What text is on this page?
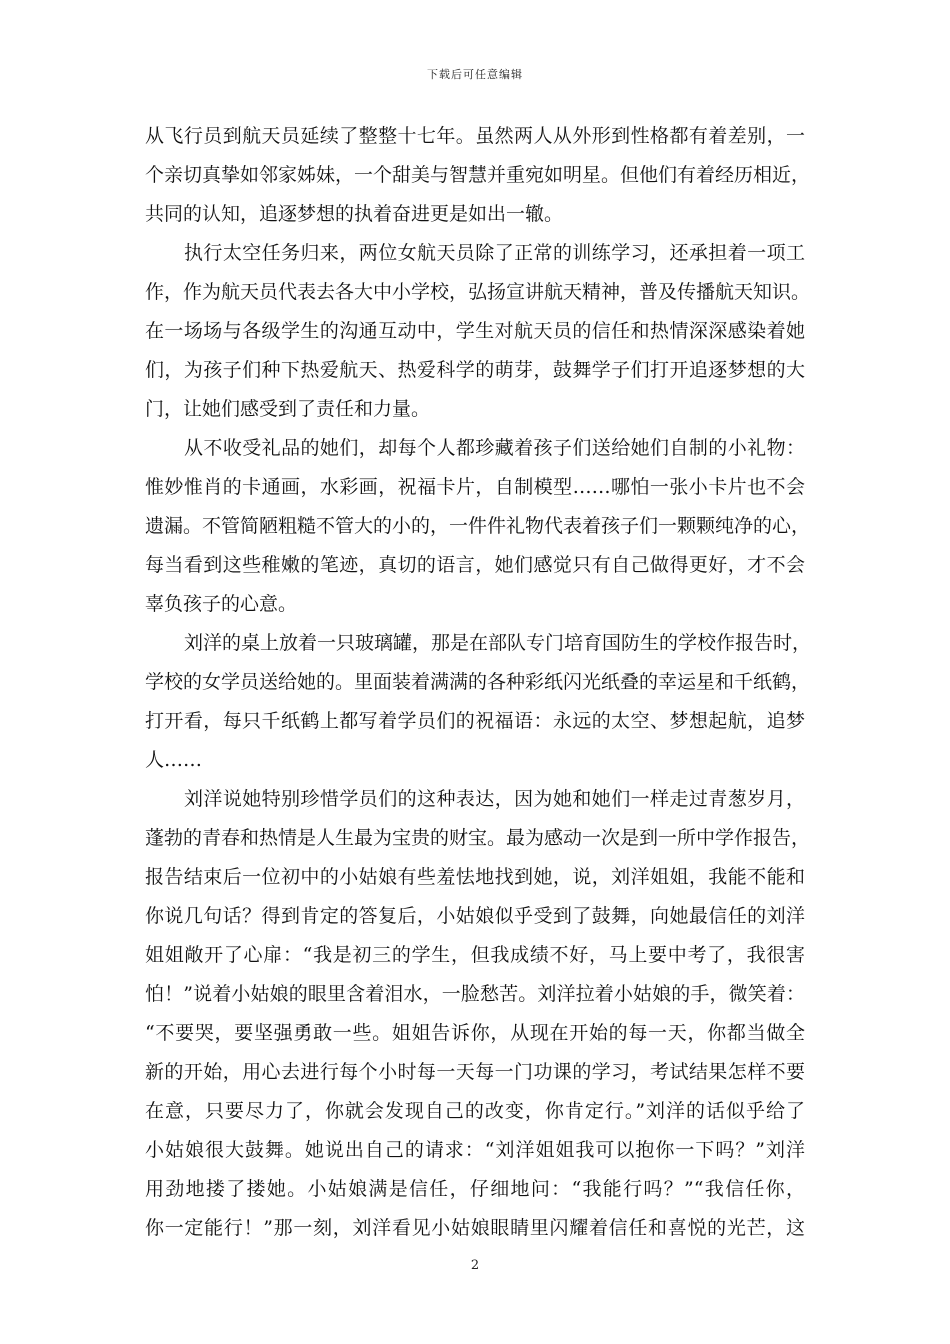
下载后可任意编辑
从飞行员到航天员延续了整整十七年。虽然两人从外形到性格都有着差别，一
个亲切真挚如邻家姊妹，一个甜美与智慧并重宛如明星。但他们有着经历相近，
共同的认知，追逐梦想的执着奋进更是如出一辙。
执行太空任务归来，两位女航天员除了正常的训练学习，还承担着一项工
作，作为航天员代表去各大中小学校，弘扬宣讲航天精神，普及传播航天知识。
在一场场与各级学生的沟通互动中，学生对航天员的信任和热情深深感染着她
们，为孩子们种下热爱航天、热爱科学的萌芽，鼓舞学子们打开追逐梦想的大
门，让她们感受到了责任和力量。
从不收受礼品的她们，却每个人都珍藏着孩子们送给她们自制的小礼物：
惟妙惟肖的卡通画，水彩画，祝福卡片，自制模型……哪怕一张小卡片也不会
遗漏。不管简陋粗糙不管大的小的，一件件礼物代表着孩子们一颗颗纯净的心，
每当看到这些稚嫩的笔迹，真切的语言，她们感觉只有自己做得更好，才不会
辜负孩子的心意。
刘洋的桌上放着一只玻璃罐，那是在部队专门培育国防生的学校作报告时，
学校的女学员送给她的。里面装着满满的各种彩纸闪光纸叠的幸运星和千纸鹤，
打开看，每只千纸鹤上都写着学员们的祝福语：永远的太空、梦想起航，追梦
人……
刘洋说她特别珍惜学员们的这种表达，因为她和她们一样走过青葱岁月，
蓬勃的青春和热情是人生最为宝贵的财宝。最为感动一次是到一所中学作报告，
报告结束后一位初中的小姑娘有些羞怯地找到她，说，刘洋姐姐，我能不能和
你说几句话？得到肯定的答复后，小姑娘似乎受到了鼓舞，向她最信任的刘洋
姐姐敞开了心扉：“我是初三的学生，但我成绩不好，马上要中考了，我很害
怕！”说着小姑娘的眼里含着泪水，一脸愁苦。刘洋拉着小姑娘的手，微笑着：
“不要哭，要坚强勇敢一些。姐姐告诉你，从现在开始的每一天，你都当做全
新的开始，用心去进行每个小时每一天每一门功课的学习，考试结果怎样不要
在意，只要尽力了，你就会发现自己的改变，你肯定行。”刘洋的话似乎给了
小姑娘很大鼓舞。她说出自己的请求：“刘洋姐姐我可以抱你一下吗？”刘洋
用劲地搂了搂她。小姑娘满是信任，仔细地问：“我能行吗？”“我信任你，
你一定能行！”那一刻，刘洋看见小姑娘眼睛里闪耀着信任和喜悦的光芒，这
2
